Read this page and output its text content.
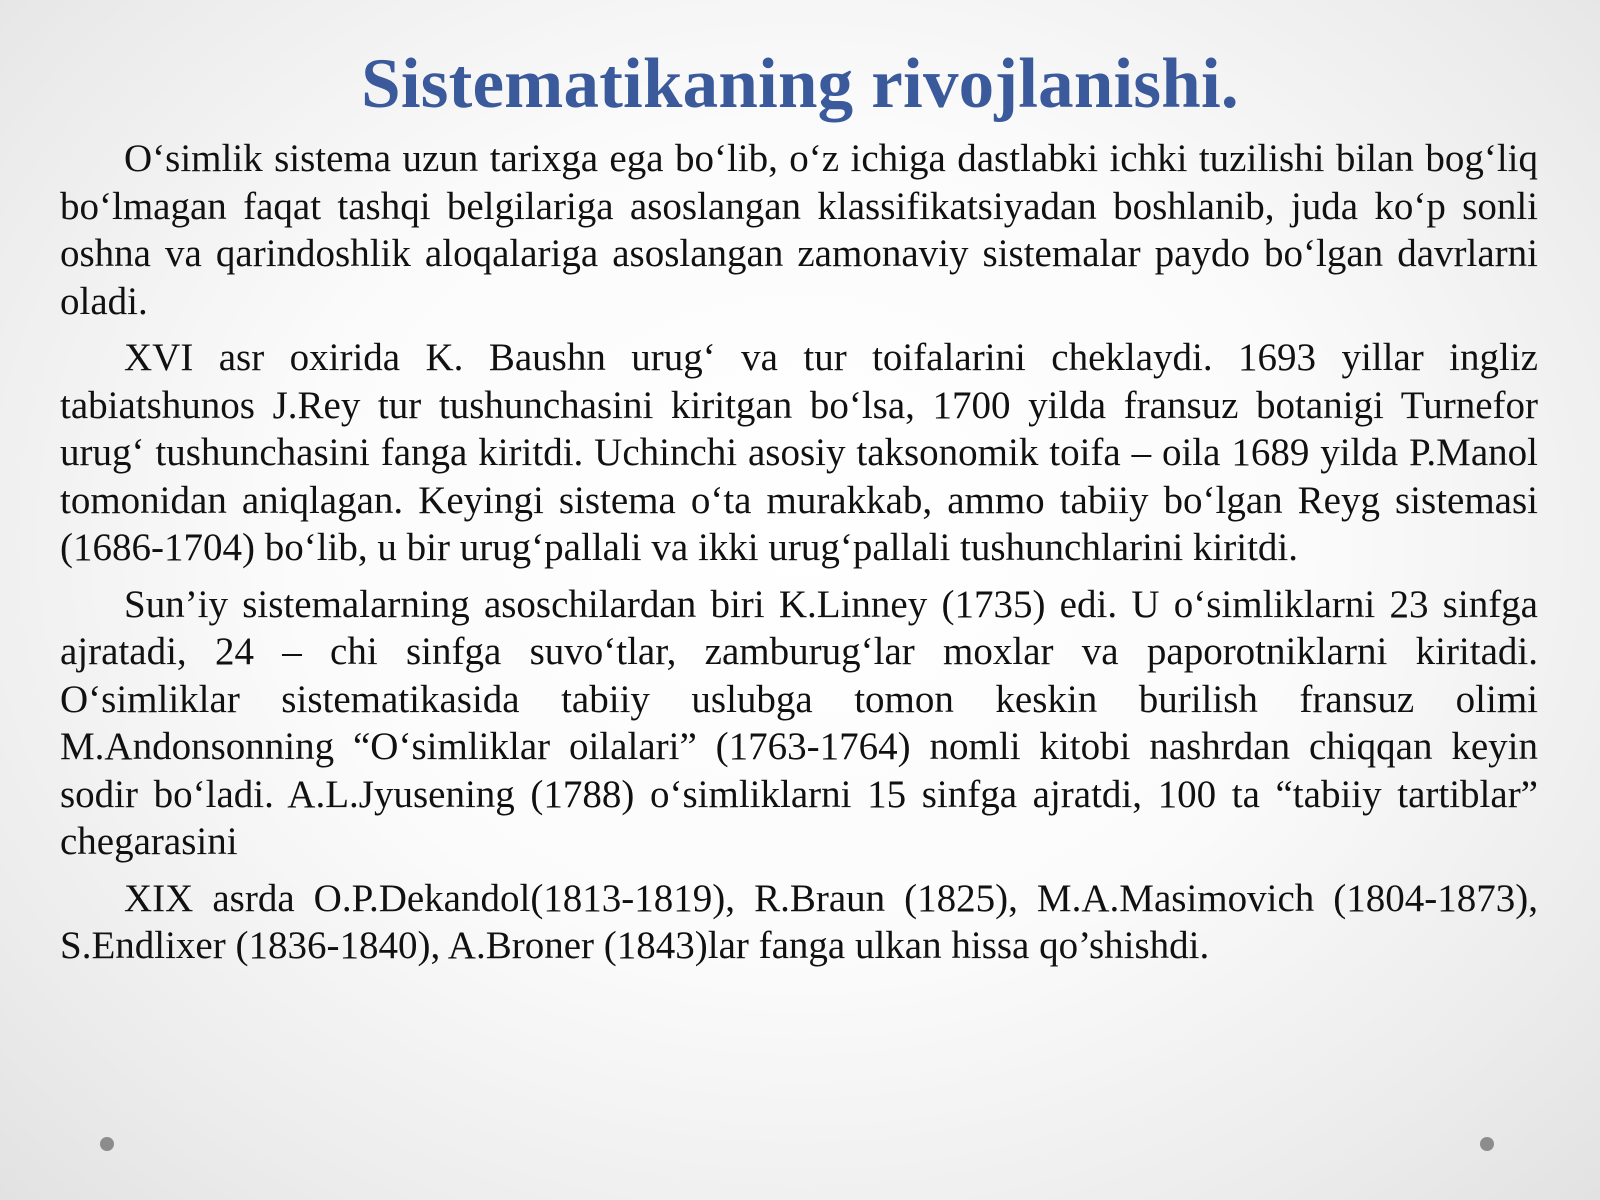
Sistematikaning rivojlanishi.

O‘simlik sistema uzun tarixga ega bo‘lib, o‘z ichiga dastlabki ichki tuzilishi bilan bog‘liq bo‘lmagan faqat tashqi belgilariga asoslangan klassifikatsiyadan boshlanib, juda ko‘p sonli oshna va qarindoshlik aloqalariga asoslangan zamonaviy sistemalar paydo bo‘lgan davrlarni oladi.

XVI asr oxirida K. Baushn urug‘ va tur toifalarini cheklaydi. 1693 yillar ingliz tabiatshunos J.Rey tur tushunchasini kiritgan bo‘lsa, 1700 yilda fransuz botanigi Turnefor urug‘ tushunchasini fanga kiritdi. Uchinchi asosiy taksonomik toifa – oila 1689 yilda P.Manol tomonidan aniqlagan. Keyingi sistema o‘ta murakkab, ammo tabiiy bo‘lgan Reyg sistemasi (1686-1704) bo‘lib, u bir urug‘pallali va ikki urug‘pallali tushunchlarini kiritdi.

Sun’iy sistemalarning asoschilardan biri K.Linney (1735) edi. U o‘simliklarni 23 sinfga ajratadi, 24 – chi sinfga suvo‘tlar, zamburug‘lar moxlar va paporotniklarni kiritadi. O‘simliklar sistematikasida tabiiy uslubga tomon keskin burilish fransuz olimi M.Andonsonning “O‘simliklar oilalari” (1763-1764) nomli kitobi nashrdan chiqqan keyin sodir bo‘ladi. A.L.Jyusening (1788) o‘simliklarni 15 sinfga ajratdi, 100 ta “tabiiy tartiblar” chegarasini

XIX asrda O.P.Dekandol(1813-1819), R.Braun (1825), M.A.Masimovich (1804-1873), S.Endlixer (1836-1840), A.Broner (1843)lar fanga ulkan hissa qo’shishdi.
